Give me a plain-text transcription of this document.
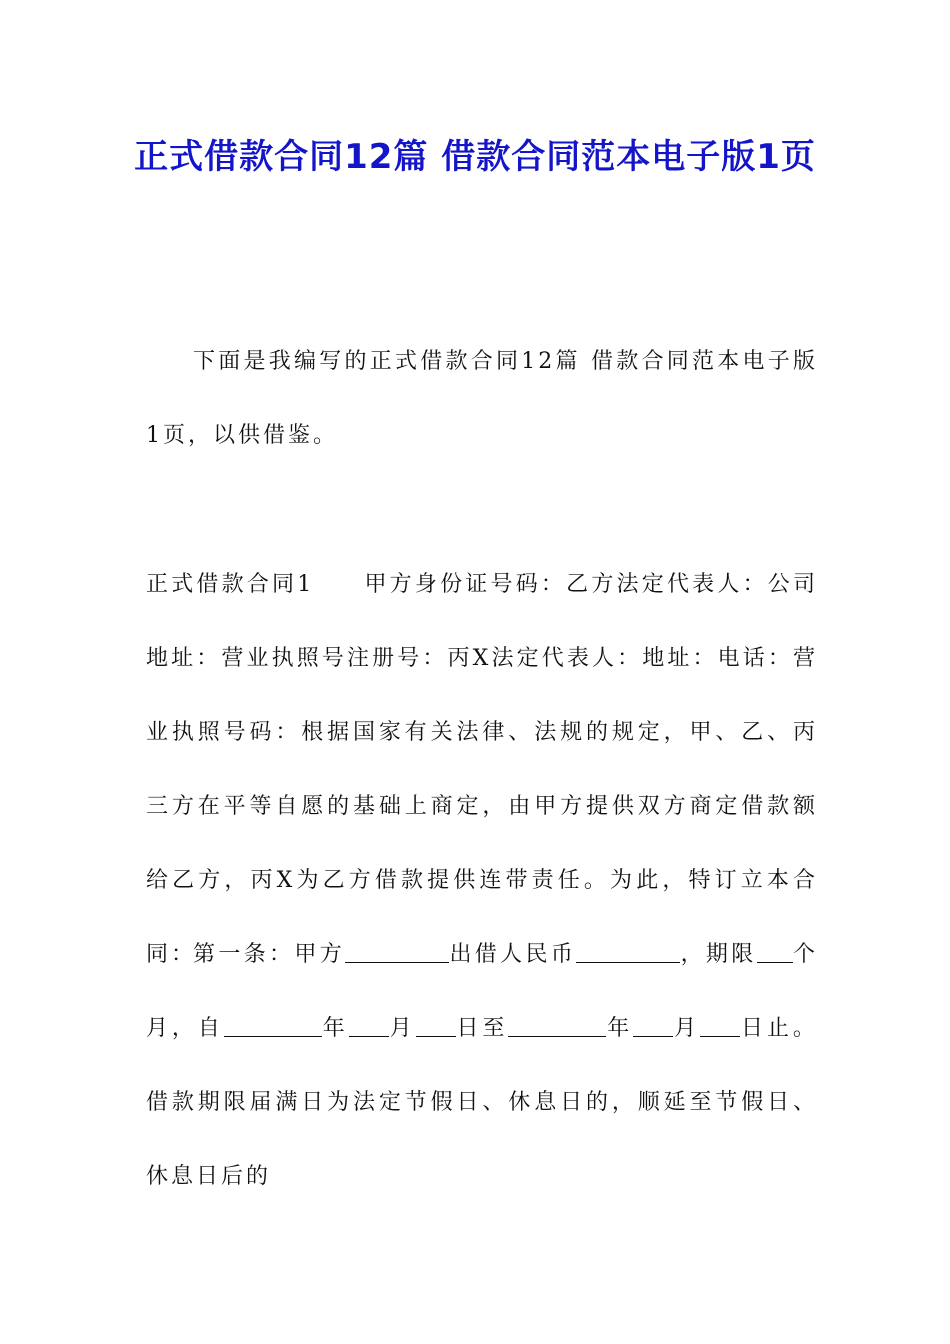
正式借款合同12篇 借款合同范本电子版1页

下面是我编写的正式借款合同12篇 借款合同范本电子版1页，以供借鉴。

正式借款合同1   甲方身份证号码：乙方法定代表人：公司地址：营业执照号注册号：丙X法定代表人：地址：电话：营业执照号码：根据国家有关法律、法规的规定，甲、乙、丙三方在平等自愿的基础上商定，由甲方提供双方商定借款额给乙方，丙X为乙方借款提供连带责任。为此，特订立本合同：

第一条：甲方	出借人民币	，期限 个月，自	年 月 日至	年 月 日止。借款期限届满日为法定节假日、休息日的，顺延至节假日、休息日后的
